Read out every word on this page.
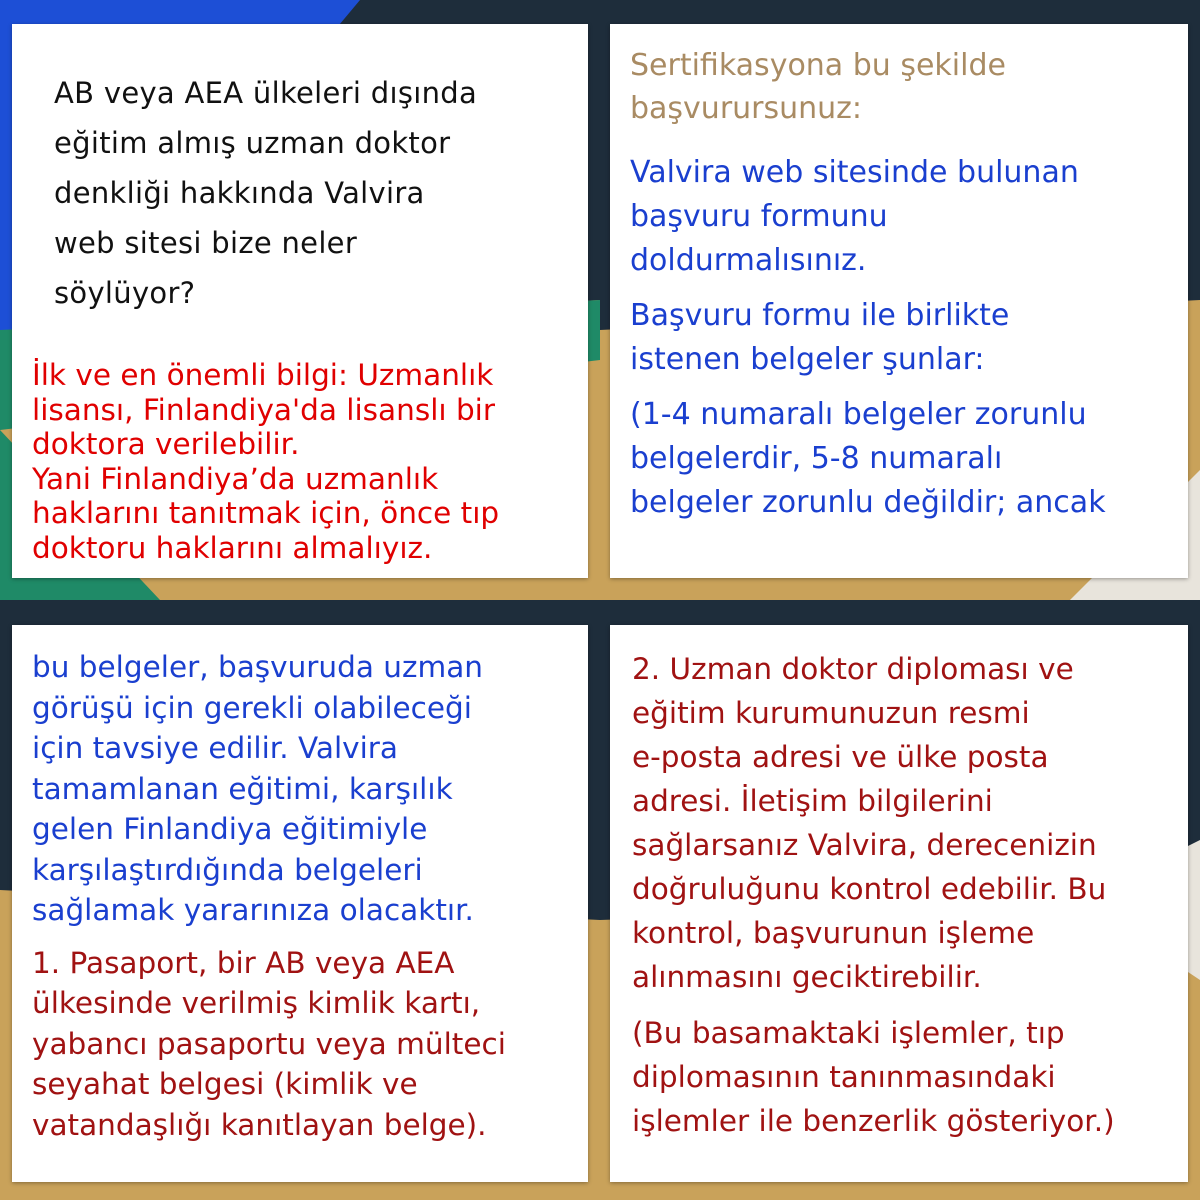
AB veya AEA ülkeleri dışında
eğitim almış uzman doktor
denkliği hakkında Valvira
web sitesi bize neler
söylüyor?

İlk ve en önemli bilgi: Uzmanlık
lisansı, Finlandiya'da lisanslı bir
doktora verilebilir.
Yani Finlandiya’da uzmanlık
haklarını tanıtmak için, önce tıp
doktoru haklarını almalıyız.

Sertifikasyona bu şekilde
başvurursunuz:

Valvira web sitesinde bulunan
başvuru formunu
doldurmalısınız.

Başvuru formu ile birlikte
istenen belgeler şunlar:

(1-4 numaralı belgeler zorunlu
belgelerdir, 5-8 numaralı
belgeler zorunlu değildir; ancak

bu belgeler, başvuruda uzman
görüşü için gerekli olabileceği
için tavsiye edilir. Valvira
tamamlanan eğitimi, karşılık
gelen Finlandiya eğitimiyle
karşılaştırdığında belgeleri
sağlamak yararınıza olacaktır.

1. Pasaport, bir AB veya AEA
ülkesinde verilmiş kimlik kartı,
yabancı pasaportu veya mülteci
seyahat belgesi (kimlik ve
vatandaşlığı kanıtlayan belge).

2. Uzman doktor diploması ve
eğitim kurumunuzun resmi
e-posta adresi ve ülke posta
adresi. İletişim bilgilerini
sağlarsanız Valvira, derecenizin
doğruluğunu kontrol edebilir. Bu
kontrol, başvurunun işleme
alınmasını geciktirebilir.

(Bu basamaktaki işlemler, tıp
diplomasının tanınmasındaki
işlemler ile benzerlik gösteriyor.)
